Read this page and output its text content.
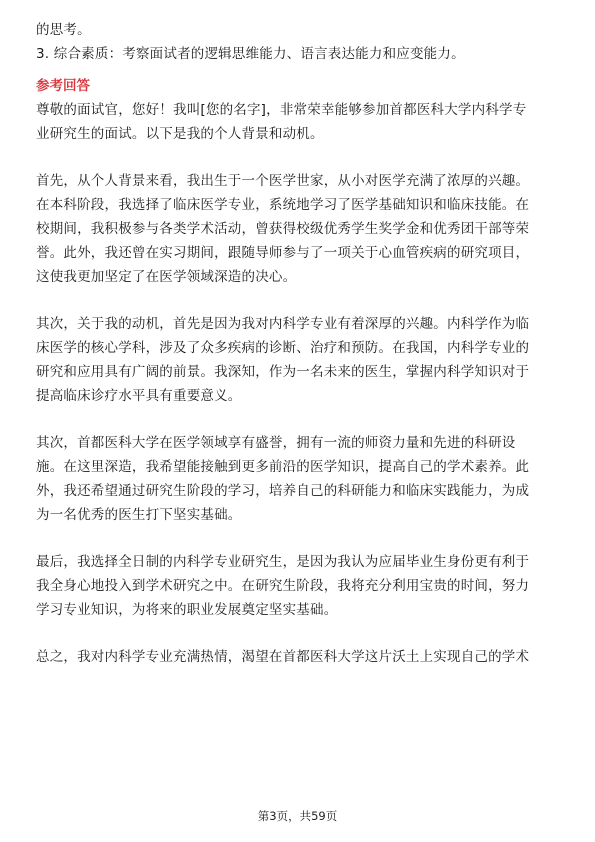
的思考。
3. 综合素质：考察面试者的逻辑思维能力、语言表达能力和应变能力。
参考回答
尊敬的面试官，您好！我叫[您的名字]，非常荣幸能够参加首都医科大学内科学专
业研究生的面试。以下是我的个人背景和动机。
首先，从个人背景来看，我出生于一个医学世家，从小对医学充满了浓厚的兴趣。
在本科阶段，我选择了临床医学专业，系统地学习了医学基础知识和临床技能。在
校期间，我积极参与各类学术活动，曾获得校级优秀学生奖学金和优秀团干部等荣
誉。此外，我还曾在实习期间，跟随导师参与了一项关于心血管疾病的研究项目，
这使我更加坚定了在医学领域深造的决心。
其次，关于我的动机，首先是因为我对内科学专业有着深厚的兴趣。内科学作为临
床医学的核心学科，涉及了众多疾病的诊断、治疗和预防。在我国，内科学专业的
研究和应用具有广阔的前景。我深知，作为一名未来的医生，掌握内科学知识对于
提高临床诊疗水平具有重要意义。
其次，首都医科大学在医学领域享有盛誉，拥有一流的师资力量和先进的科研设
施。在这里深造，我希望能接触到更多前沿的医学知识，提高自己的学术素养。此
外，我还希望通过研究生阶段的学习，培养自己的科研能力和临床实践能力，为成
为一名优秀的医生打下坚实基础。
最后，我选择全日制的内科学专业研究生，是因为我认为应届毕业生身份更有利于
我全身心地投入到学术研究之中。在研究生阶段，我将充分利用宝贵的时间，努力
学习专业知识，为将来的职业发展奠定坚实基础。
总之，我对内科学专业充满热情，渴望在首都医科大学这片沃土上实现自己的学术
第3页，共59页
